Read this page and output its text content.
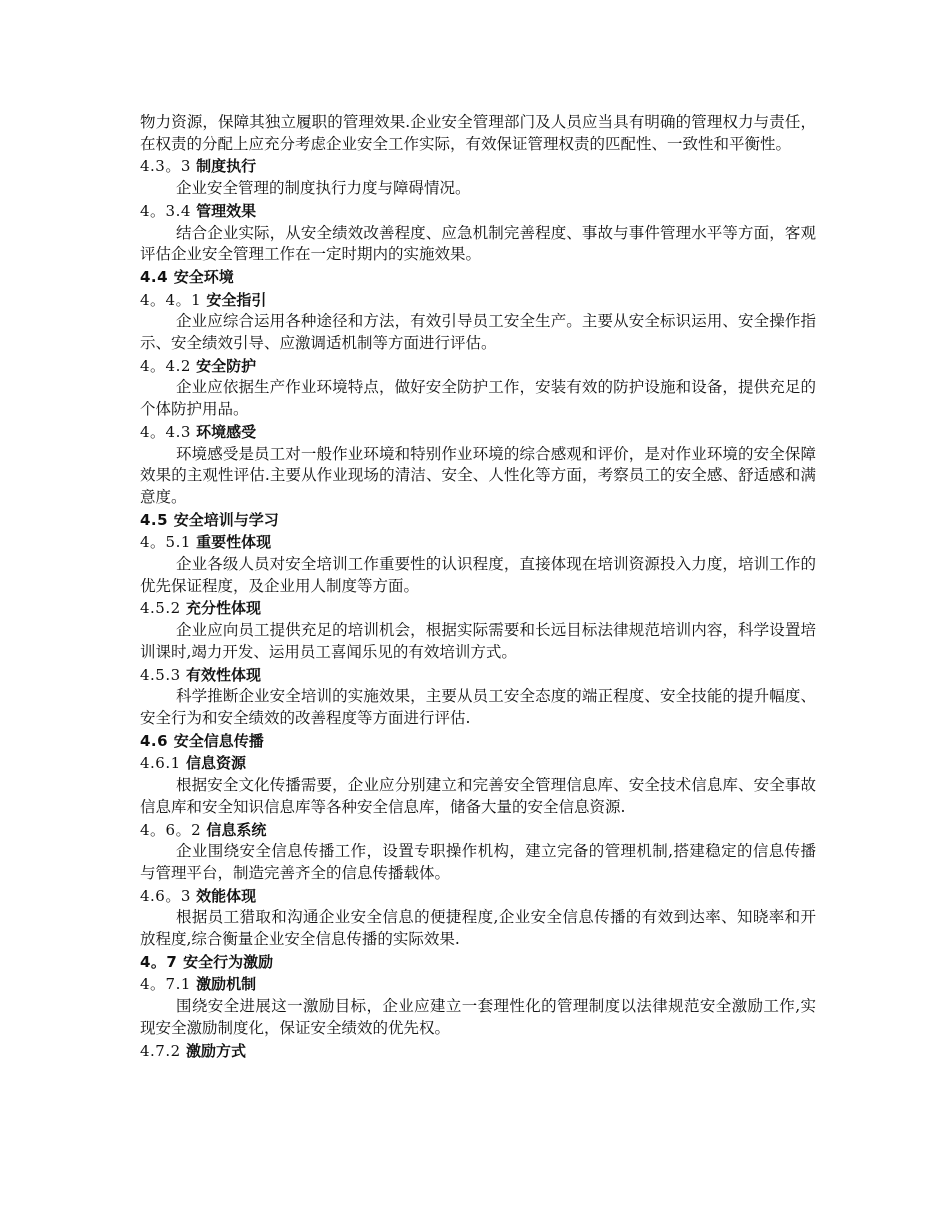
物力资源，保障其独立履职的管理效果.企业安全管理部门及人员应当具有明确的管理权力与责任，在权责的分配上应充分考虑企业安全工作实际，有效保证管理权责的匹配性、一致性和平衡性。

4.3。3 制度执行

企业安全管理的制度执行力度与障碍情况。

4。3.4 管理效果

结合企业实际，从安全绩效改善程度、应急机制完善程度、事故与事件管理水平等方面，客观评估企业安全管理工作在一定时期内的实施效果。

4.4 安全环境
4。4。1 安全指引

企业应综合运用各种途径和方法，有效引导员工安全生产。主要从安全标识运用、安全操作指示、安全绩效引导、应激调适机制等方面进行评估。

4。4.2 安全防护

企业应依据生产作业环境特点，做好安全防护工作，安装有效的防护设施和设备，提供充足的个体防护用品。

4。4.3 环境感受

环境感受是员工对一般作业环境和特别作业环境的综合感观和评价，是对作业环境的安全保障效果的主观性评估.主要从作业现场的清洁、安全、人性化等方面，考察员工的安全感、舒适感和满意度。

4.5 安全培训与学习
4。5.1 重要性体现

企业各级人员对安全培训工作重要性的认识程度，直接体现在培训资源投入力度，培训工作的优先保证程度，及企业用人制度等方面。

4.5.2 充分性体现

企业应向员工提供充足的培训机会，根据实际需要和长远目标法律规范培训内容，科学设置培训课时,竭力开发、运用员工喜闻乐见的有效培训方式。

4.5.3 有效性体现

科学推断企业安全培训的实施效果，主要从员工安全态度的端正程度、安全技能的提升幅度、安全行为和安全绩效的改善程度等方面进行评估.

4.6 安全信息传播
4.6.1 信息资源

根据安全文化传播需要，企业应分别建立和完善安全管理信息库、安全技术信息库、安全事故信息库和安全知识信息库等各种安全信息库，储备大量的安全信息资源.

4。6。2 信息系统

企业围绕安全信息传播工作，设置专职操作机构，建立完备的管理机制,搭建稳定的信息传播与管理平台，制造完善齐全的信息传播载体。

4.6。3 效能体现

根据员工猎取和沟通企业安全信息的便捷程度,企业安全信息传播的有效到达率、知晓率和开放程度,综合衡量企业安全信息传播的实际效果.

4。7 安全行为激励
4。7.1 激励机制

围绕安全进展这一激励目标，企业应建立一套理性化的管理制度以法律规范安全激励工作,实现安全激励制度化，保证安全绩效的优先权。

4.7.2 激励方式
